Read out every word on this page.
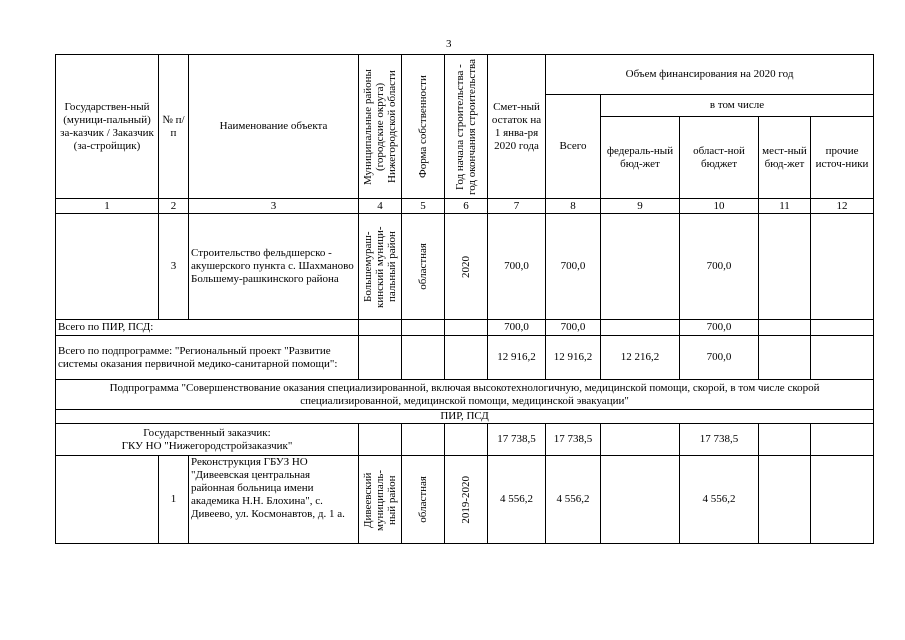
3
Государствен-ный (муници-пальный) за-казчик / Заказчик (за-стройщик)	№ п/п	Наименование объекта	Муниципальные районы (городские округа) Нижегородской области	Форма собственности	Год начала строительства - год окончания строительства	Смет-ный остаток на 1 янва-ря 2020 года	Объем финансирования на 2020 год				
							Всего	в том числе			
								федераль-ный бюд-жет	област-ной бюджет	мест-ный бюд-жет	прочие источ-ники
1	2	3	4	5	6	7	8	9	10	11	12
	3	Строительство фельдшерско - акушерского пункта с. Шахманово Большему-рашкинского района	Большемураш-кинский муници-пальный район	областная	2020	700,0	700,0		700,0		
Всего по ПИР, ПСД:						700,0	700,0		700,0		
Всего по подпрограмме: "Региональный проект "Развитие системы оказания первичной медико-санитарной помощи":						12 916,2	12 916,2	12 216,2	700,0		
Подпрограмма "Совершенствование оказания специализированной, включая высокотехнологичную, медицинской помощи, скорой, в том числе скорой специализированной, медицинской помощи, медицинской эвакуации"											
ПИР, ПСД											

Государственный заказчик:
ГКУ НО "Нижегородстройзаказчик"						17 738,5	17 738,5		17 738,5		
	1	Реконструкция ГБУЗ НО "Дивеевская центральная районная больница имени академика Н.Н. Блохина", с. Дивеево, ул. Космонавтов, д. 1 а.	Дивеевский муниципаль-ный район	областная	2019-2020	4 556,2	4 556,2		4 556,2		
